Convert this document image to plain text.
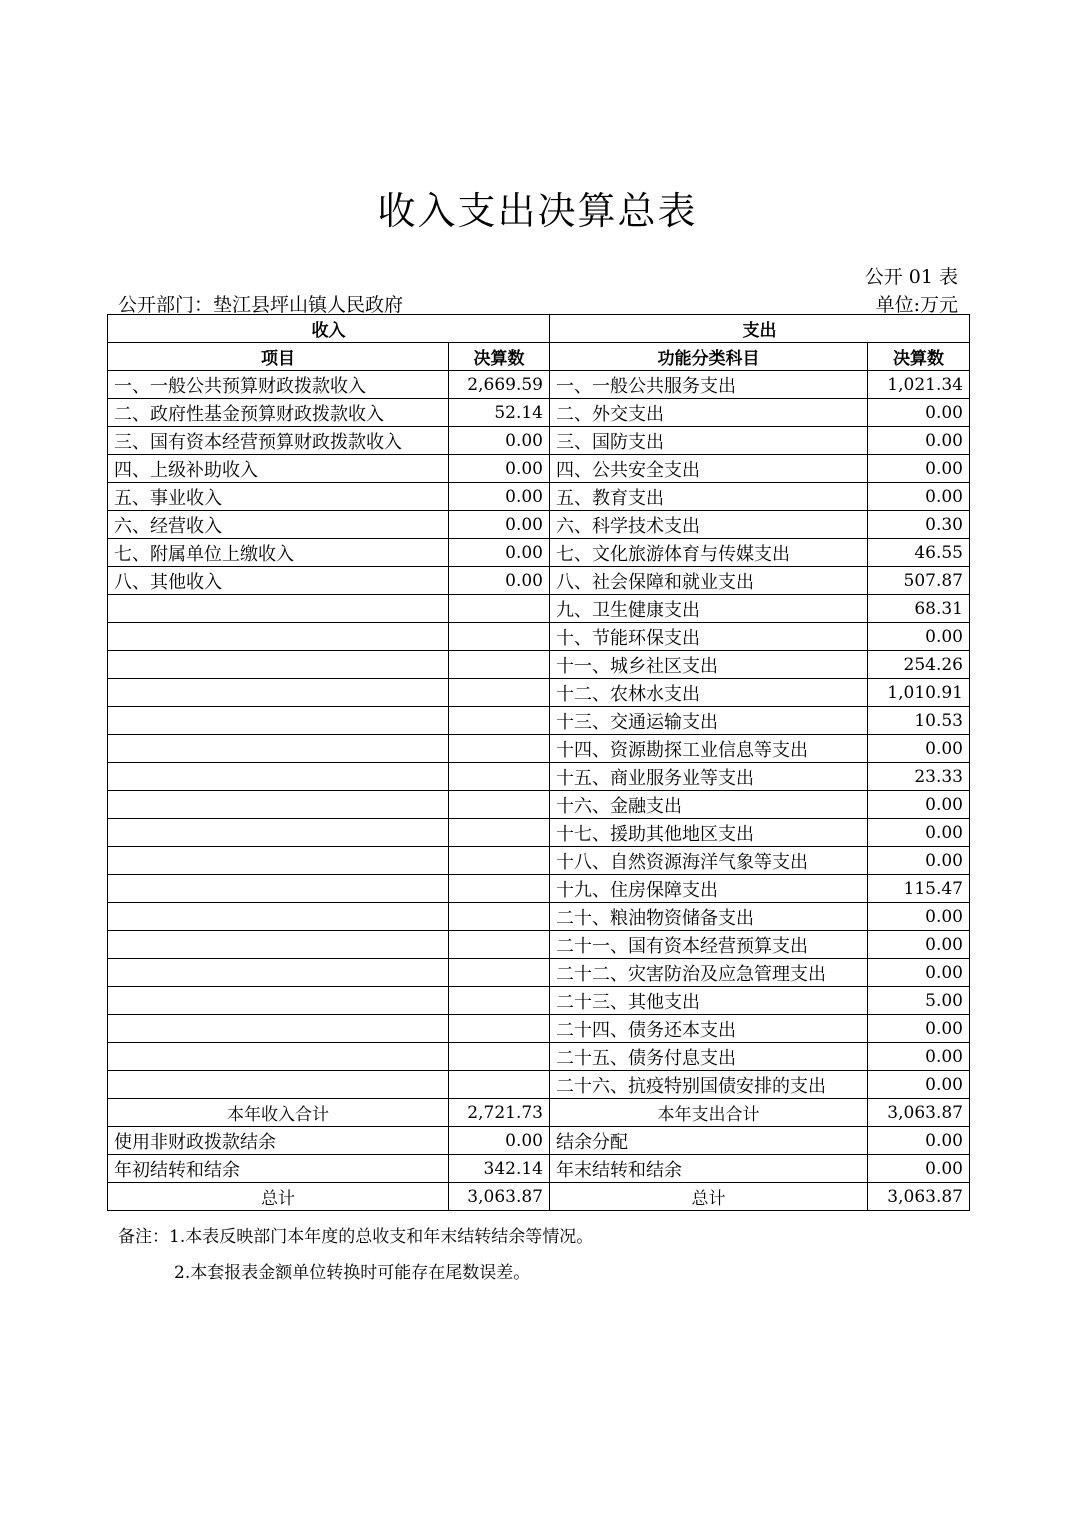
收入支出决算总表
公开 01 表
公开部门：垫江县坪山镇人民政府	单位:万元
收入		支出	
项目	决算数	功能分类科目	决算数
一、一般公共预算财政拨款收入	2,669.59	一、一般公共服务支出	1,021.34
二、政府性基金预算财政拨款收入	52.14	二、外交支出	0.00
三、国有资本经营预算财政拨款收入	0.00	三、国防支出	0.00
四、上级补助收入	0.00	四、公共安全支出	0.00
五、事业收入	0.00	五、教育支出	0.00
六、经营收入	0.00	六、科学技术支出	0.30
七、附属单位上缴收入	0.00	七、文化旅游体育与传媒支出	46.55
八、其他收入	0.00	八、社会保障和就业支出	507.87
		九、卫生健康支出	68.31
		十、节能环保支出	0.00
		十一、城乡社区支出	254.26
		十二、农林水支出	1,010.91
		十三、交通运输支出	10.53
		十四、资源勘探工业信息等支出	0.00
		十五、商业服务业等支出	23.33
		十六、金融支出	0.00
		十七、援助其他地区支出	0.00
		十八、自然资源海洋气象等支出	0.00
		十九、住房保障支出	115.47
		二十、粮油物资储备支出	0.00
		二十一、国有资本经营预算支出	0.00
		二十二、灾害防治及应急管理支出	0.00
		二十三、其他支出	5.00
		二十四、债务还本支出	0.00
		二十五、债务付息支出	0.00
		二十六、抗疫特别国债安排的支出	0.00
本年收入合计	2,721.73	本年支出合计	3,063.87
使用非财政拨款结余	0.00	结余分配	0.00
年初结转和结余	342.14	年末结转和结余	0.00
总计	3,063.87	总计	3,063.87
备注：1.本表反映部门本年度的总收支和年末结转结余等情况。
2.本套报表金额单位转换时可能存在尾数误差。
